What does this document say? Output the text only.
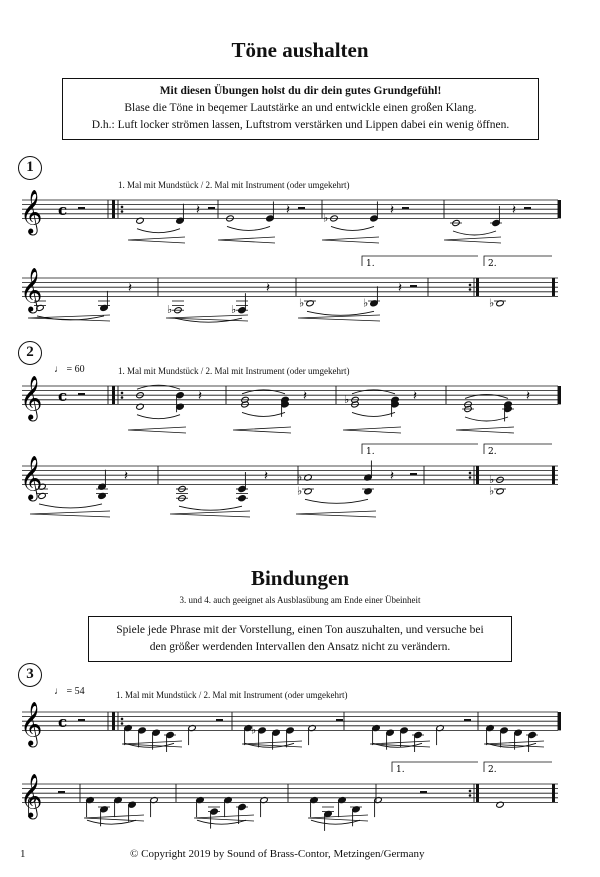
Töne aushalten
Mit diesen Übungen holst du dir dein gutes Grundgefühl!
Blase die Töne in beqemer Lautstärke an und entwickle einen großen Klang.
D.h.: Luft locker strömen lassen, Luftstrom verstärken und Lippen dabei ein wenig öffnen.
1
1. Mal mit Mundstück / 2. Mal mit Instrument (oder umgekehrt)
2
♩ = 60	1. Mal mit Mundstück / 2. Mal mit Instrument (oder umgekehrt)
Bindungen
3. und 4. auch geeignet als Ausblasübung am Ende einer Übeinheit
Spiele jede Phrase mit der Vorstellung, einen Ton auszuhalten, und versuche bei
den größer werdenden Intervallen den Ansatz nicht zu verändern.
3
♩ = 54	1. Mal mit Mundstück / 2. Mal mit Instrument (oder umgekehrt)
1	© Copyright 2019 by Sound of Brass-Contor, Metzingen/Germany
𝄞 c	𝄽	𝄽
♭
𝄽	𝄽
𝄞	𝄽
♭	♭
𝄽
♭	♭
𝄽
1.	2.
♭
𝄞 c	𝄽	𝄽	♭	𝄽	𝄽
𝄞	𝄽	𝄽	♭
♭
𝄽
1.	2.
♭
♭
𝄞 c	♭
𝄞
1.	2.
